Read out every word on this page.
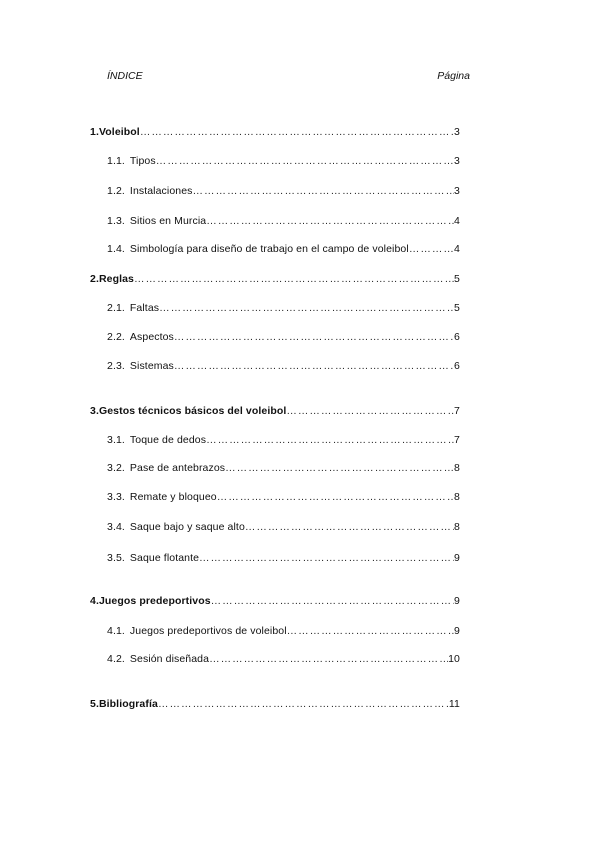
ÍNDICE	Página
1. Voleibol …………………………………………………………………………………………………………………………………………………………………………………………	3
1.1. Tipos …………………………………………………………………………………………………………………………………………………………………………………………	3
1.2. Instalaciones …………………………………………………………………………………………………………………………………………………………………………………………	3
1.3. Sitios en Murcia …………………………………………………………………………………………………………………………………………………………………………………………	4
1.4. Simbología para diseño de trabajo en el campo de voleibol …………………………………………………………………………………………………………………………………………………………………………………………	4
2. Reglas …………………………………………………………………………………………………………………………………………………………………………………………	5
2.1. Faltas …………………………………………………………………………………………………………………………………………………………………………………………	5
2.2. Aspectos …………………………………………………………………………………………………………………………………………………………………………………………	6
2.3. Sistemas …………………………………………………………………………………………………………………………………………………………………………………………	6
3. Gestos técnicos básicos del voleibol …………………………………………………………………………………………………………………………………………………………………………………………	7
3.1. Toque de dedos …………………………………………………………………………………………………………………………………………………………………………………………	7
3.2. Pase de antebrazos …………………………………………………………………………………………………………………………………………………………………………………………	8
3.3. Remate y bloqueo …………………………………………………………………………………………………………………………………………………………………………………………	8
3.4. Saque bajo y saque alto …………………………………………………………………………………………………………………………………………………………………………………………	8
3.5. Saque flotante …………………………………………………………………………………………………………………………………………………………………………………………	9
4. Juegos predeportivos …………………………………………………………………………………………………………………………………………………………………………………………	9
4.1. Juegos predeportivos de voleibol …………………………………………………………………………………………………………………………………………………………………………………………	9
4.2. Sesión diseñada …………………………………………………………………………………………………………………………………………………………………………………………	10
5. Bibliografía …………………………………………………………………………………………………………………………………………………………………………………………	11
